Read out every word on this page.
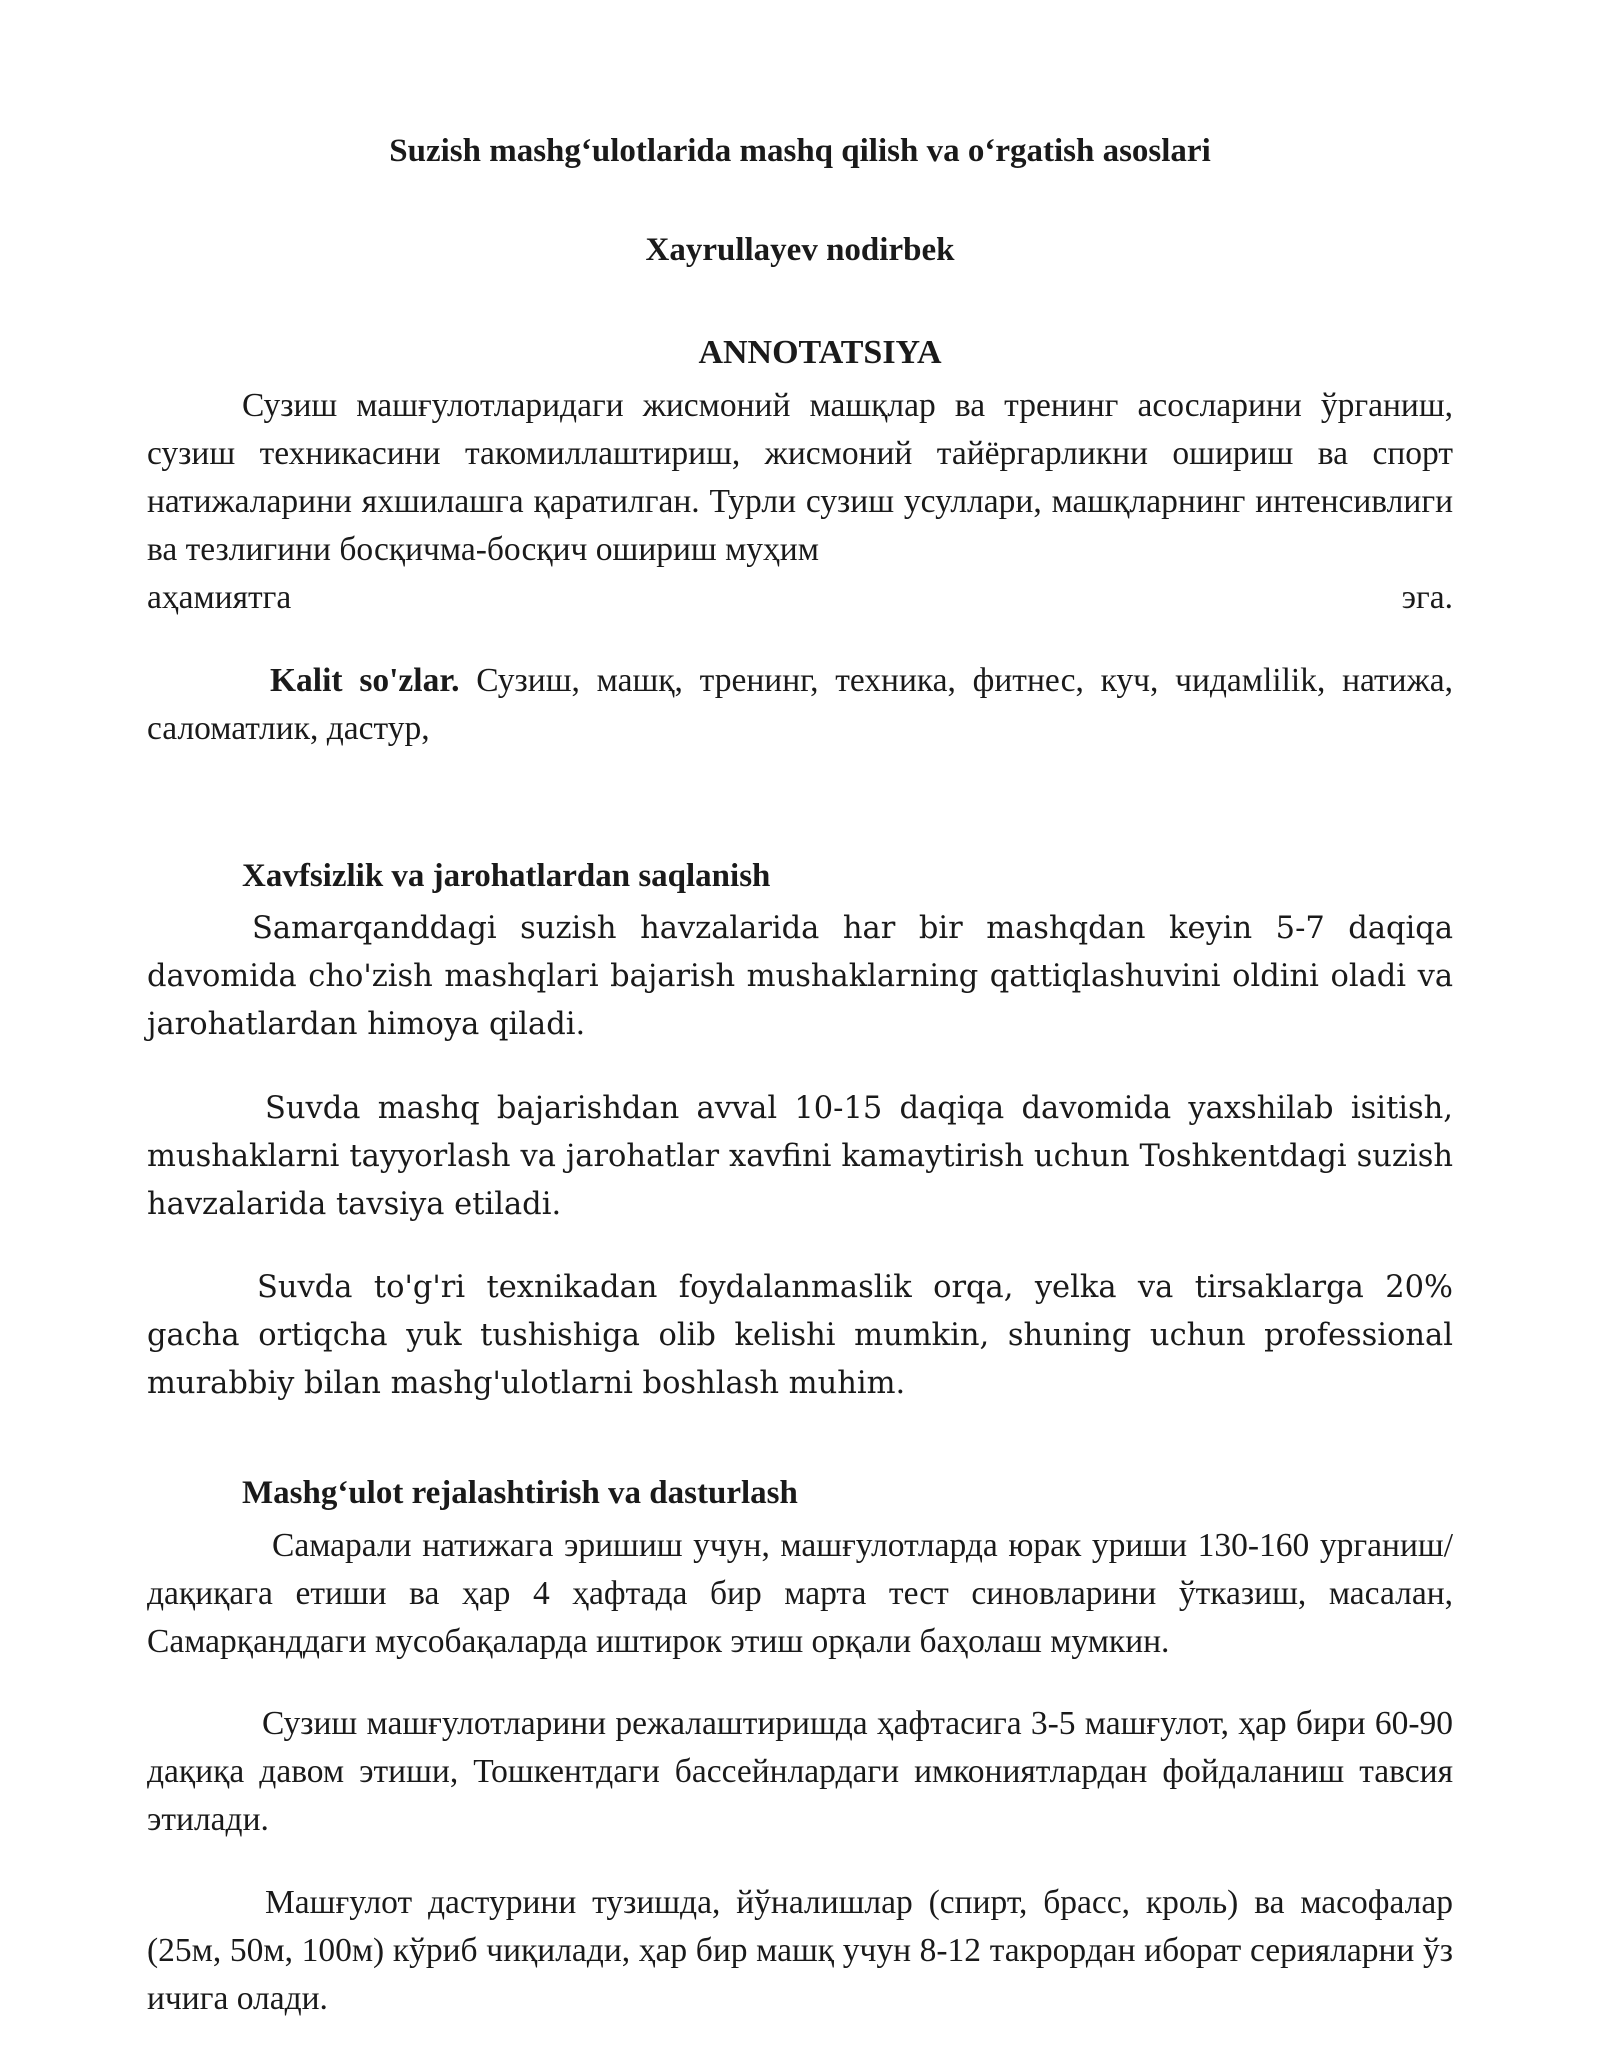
Suzish mashg‘ulotlarida mashq qilish va o‘rgatish asoslari
Xayrullayev nodirbek
ANNOTATSIYA

Сузиш машғулотларидаги жисмоний машқлар ва тренинг асосларини ўрганиш, сузиш техникасини такомиллаштириш, жисмоний тайёргарликни ошириш ва спорт натижаларини яхшилашга қаратилган. Турли сузиш усуллари, машқларнинг интенсивлиги ва тезлигини босқичма-босқич ошириш муҳим

аҳамиятга	эга.

Kalit so'zlar. Сузиш, машқ, тренинг, техника, фитнес, куч, чидамlilik, натижа, саломатлик, дастур,

Xavfsizlik va jarohatlardan saqlanish

Samarqanddagi suzish havzalarida har bir mashqdan keyin 5-7 daqiqa davomida cho'zish mashqlari bajarish mushaklarning qattiqlashuvini oldini oladi va jarohatlardan himoya qiladi.

Suvda mashq bajarishdan avval 10-15 daqiqa davomida yaxshilab isitish, mushaklarni tayyorlash va jarohatlar xavfini kamaytirish uchun Toshkentdagi suzish havzalarida tavsiya etiladi.

Suvda to'g'ri texnikadan foydalanmaslik orqa, yelka va tirsaklarga 20% gacha ortiqcha yuk tushishiga olib kelishi mumkin, shuning uchun professional murabbiy bilan mashg'ulotlarni boshlash muhim.

Mashg‘ulot rejalashtirish va dasturlash

Самарали натижага эришиш учун, машғулотларда юрак уриши 130-160 урганиш/дақиқага етиши ва ҳар 4 ҳафтада бир марта тест синовларини ўтказиш, масалан, Самарқанддаги мусобақаларда иштирок этиш орқали баҳолаш мумкин.

Сузиш машғулотларини режалаштиришда ҳафтасига 3-5 машғулот, ҳар бири 60-90 дақиқа давом этиши, Тошкентдаги бассейнлардаги имкониятлардан фойдаланиш тавсия этилади.

Машғулот дастурини тузишда, йўналишлар (спирт, брасс, кроль) ва масофалар (25м, 50м, 100м) кўриб чиқилади, ҳар бир машқ учун 8-12 такрордан иборат серияларни ўз ичига олади.
